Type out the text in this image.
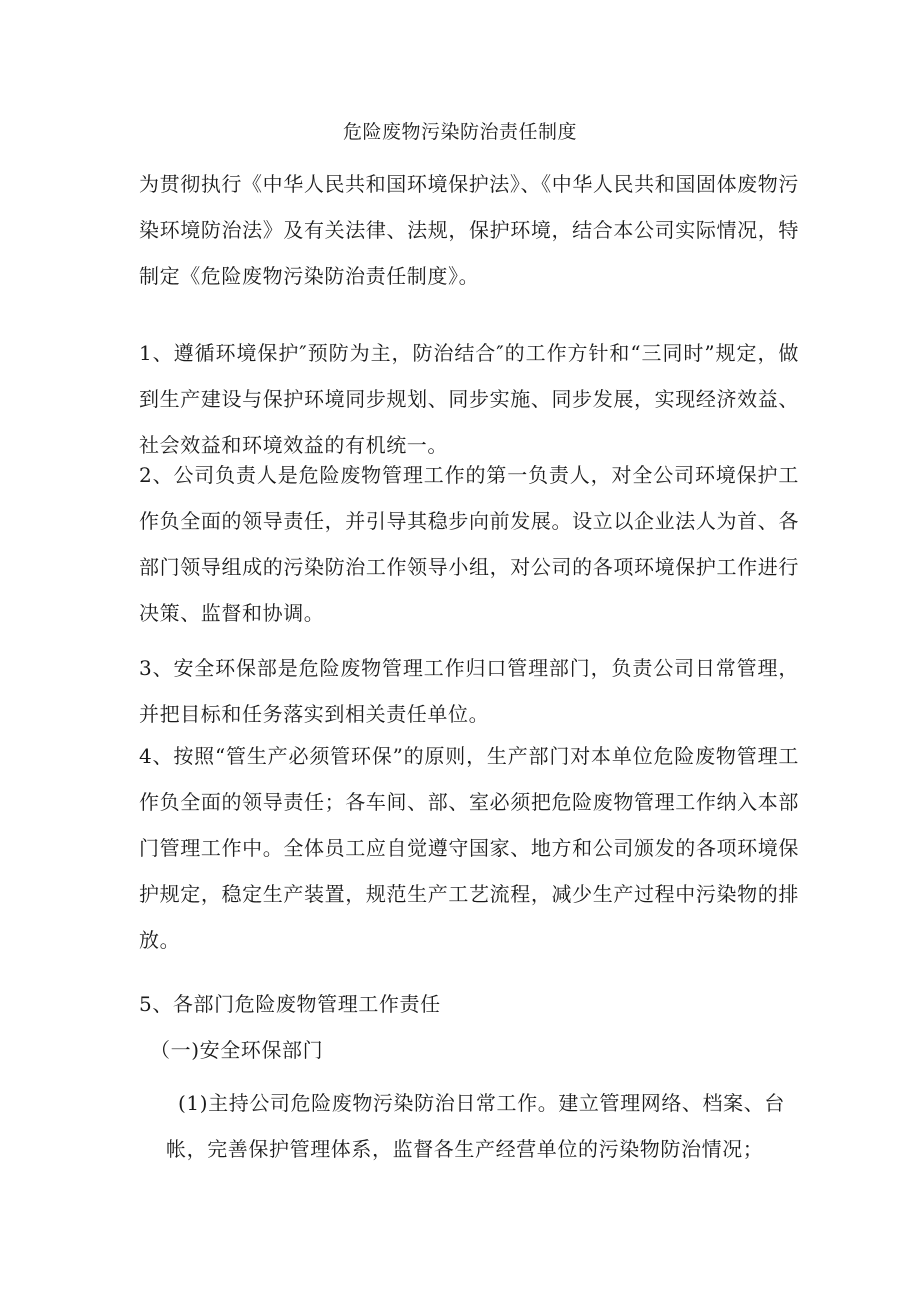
危险废物污染防治责任制度
为贯彻执行《中华人民共和国环境保护法》、《中华人民共和国固体废物污染环境防治法》及有关法律、法规，保护环境，结合本公司实际情况，特制定《危险废物污染防治责任制度》。
1、遵循环境保护″预防为主，防治结合″的工作方针和“三同时”规定，做到生产建设与保护环境同步规划、同步实施、同步发展，实现经济效益、社会效益和环境效益的有机统一。
2、公司负责人是危险废物管理工作的第一负责人，对全公司环境保护工作负全面的领导责任，并引导其稳步向前发展。设立以企业法人为首、各部门领导组成的污染防治工作领导小组，对公司的各项环境保护工作进行决策、监督和协调。
3、安全环保部是危险废物管理工作归口管理部门，负责公司日常管理，并把目标和任务落实到相关责任单位。
4、按照“管生产必须管环保”的原则，生产部门对本单位危险废物管理工作负全面的领导责任；各车间、部、室必须把危险废物管理工作纳入本部门管理工作中。全体员工应自觉遵守国家、地方和公司颁发的各项环境保护规定，稳定生产装置，规范生产工艺流程，减少生产过程中污染物的排放。
5、各部门危险废物管理工作责任
（一)安全环保部门
(1)主持公司危险废物污染防治日常工作。建立管理网络、档案、台帐，完善保护管理体系，监督各生产经营单位的污染物防治情况；
